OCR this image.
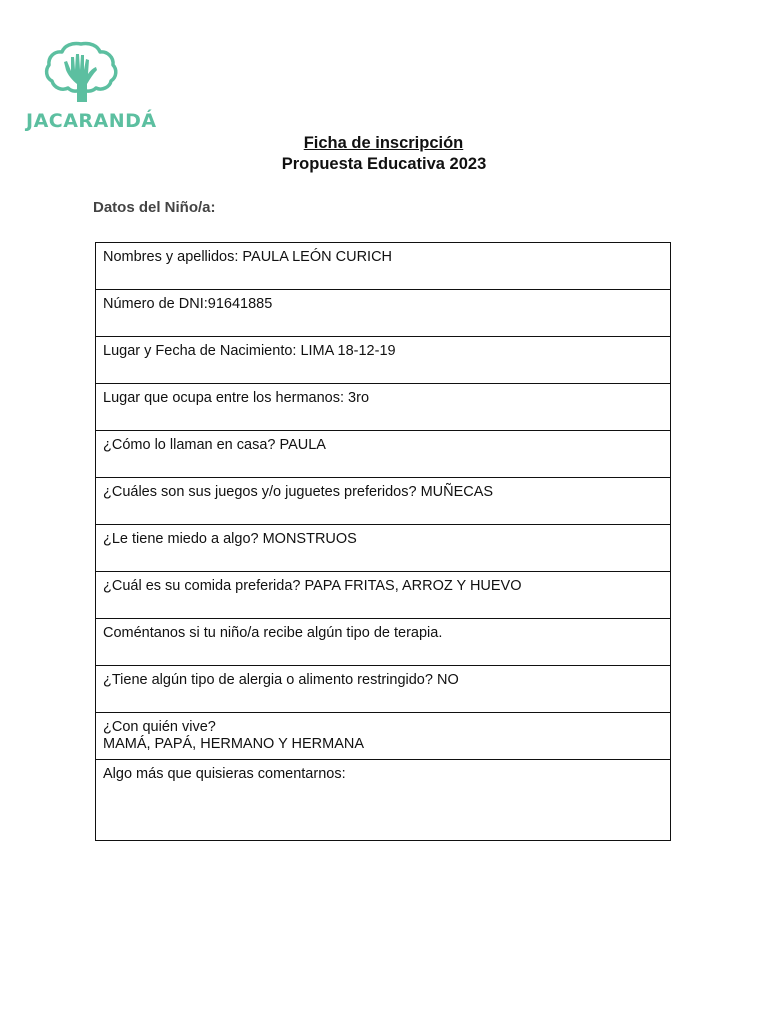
JACARANDÁ
Ficha de inscripción
Propuesta Educativa 2023
Datos del Niño/a:
Nombres y apellidos: PAULA LEÓN CURICH
Número de DNI:91641885
Lugar y Fecha de Nacimiento: LIMA 18-12-19
Lugar que ocupa entre los hermanos: 3ro
¿Cómo lo llaman en casa? PAULA
¿Cuáles son sus juegos y/o juguetes preferidos? MUÑECAS
¿Le tiene miedo a algo? MONSTRUOS
¿Cuál es su comida preferida? PAPA FRITAS, ARROZ Y HUEVO
Coméntanos si tu niño/a recibe algún tipo de terapia.
¿Tiene algún tipo de alergia o alimento restringido? NO
¿Con quién vive?
MAMÁ, PAPÁ, HERMANO Y HERMANA
Algo más que quisieras comentarnos:
